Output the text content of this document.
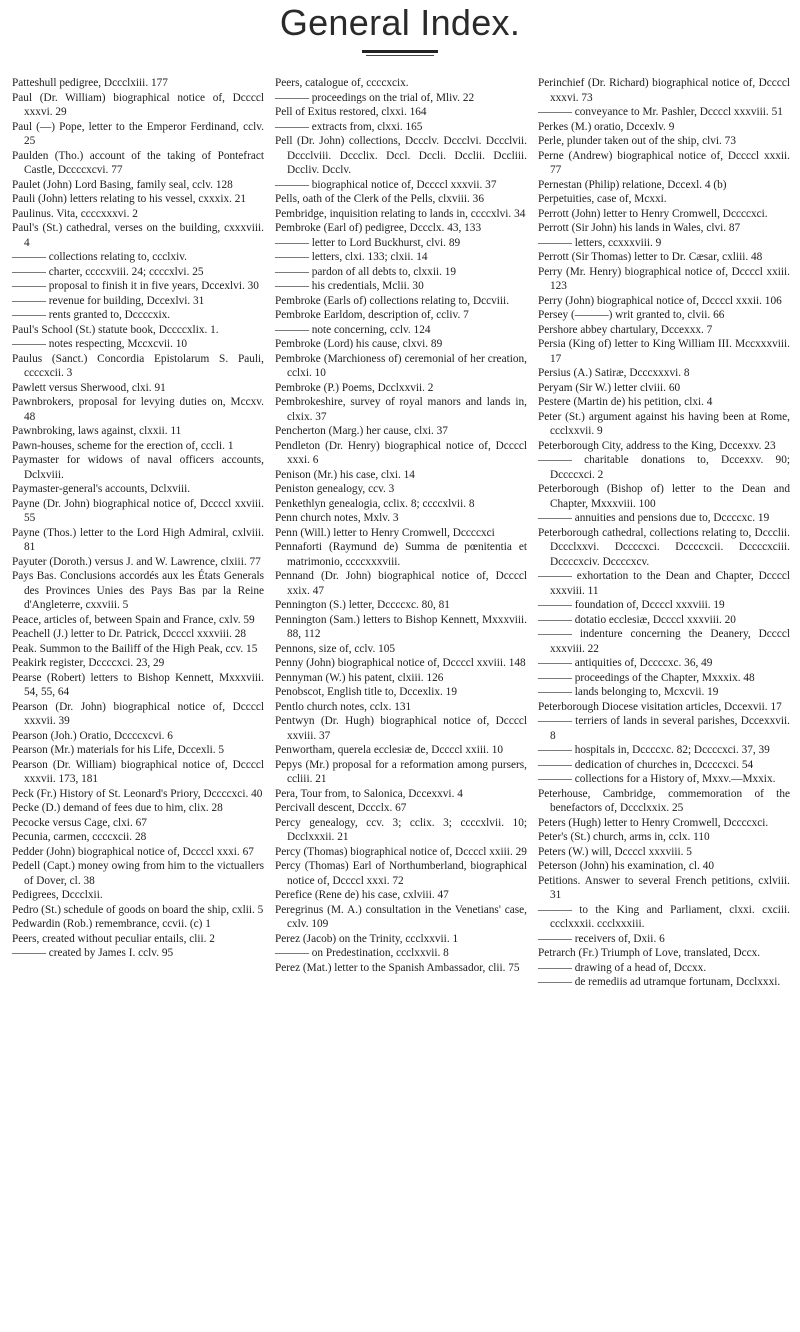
General Index.
Patteshull pedigree, Dccclxiii. 177
Paul (Dr. William) biographical notice of, Dccccl xxxvi. 29
Paul (—) Pope, letter to the Emperor Ferdinand, cclv. 25
Paulden (Tho.) account of the taking of Pontefract Castle, Dccccxcvi. 77
Paulet (John) Lord Basing, family seal, cclv. 128
Pauli (John) letters relating to his vessel, cxxxix. 21
Paulinus. Vita, ccccxxxvi. 2
Paul's (St.) cathedral, verses on the building, cxxxviii. 4
——— collections relating to, ccclxiv.
——— charter, ccccxviii. 24; ccccxlvi. 25
——— proposal to finish it in five years, Dccexlvi. 30
——— revenue for building, Dccexlvi. 31
——— rents granted to, Dccccxix.
Paul's School (St.) statute book, Dccccxlix. 1.
——— notes respecting, Mccxcvii. 10
Paulus (Sanct.) Concordia Epistolarum S. Pauli, ccccxcii. 3
Pawlett versus Sherwood, clxi. 91
Pawnbrokers, proposal for levying duties on, Mccxv. 48
Pawnbroking, laws against, clxxii. 11
Pawn-houses, scheme for the erection of, cccli. 1
Paymaster for widows of naval officers accounts, Dclxviii.
Paymaster-general's accounts, Dclxviii.
Payne (Dr. John) biographical notice of, Dccccl xxviii. 55
Payne (Thos.) letter to the Lord High Admiral, cxlviii. 81
Payuter (Doroth.) versus J. and W. Lawrence, clxiii. 77
Pays Bas. Conclusions accordés aux les États Generals des Provinces Unies des Pays Bas par la Reine d'Angleterre, cxxviii. 5
Peace, articles of, between Spain and France, cxlv. 59
Peachell (J.) letter to Dr. Patrick, Dccccl xxxviii. 28
Peak. Summon to the Bailiff of the High Peak, ccv. 15
Peakirk register, Dccccxci. 23, 29
Pearse (Robert) letters to Bishop Kennett, Mxxxviii. 54, 55, 64
Pearson (Dr. John) biographical notice of, Dccccl xxxvii. 39
Pearson (Joh.) Oratio, Dccccxcvi. 6
Pearson (Mr.) materials for his Life, Dccexli. 5
Pearson (Dr. William) biographical notice of, Dccccl xxxvii. 173, 181
Peck (Fr.) History of St. Leonard's Priory, Dccccxci. 40
Pecke (D.) demand of fees due to him, clix. 28
Pecocke versus Cage, clxi. 67
Pecunia, carmen, ccccxcii. 28
Pedder (John) biographical notice of, Dccccl xxxi. 67
Pedell (Capt.) money owing from him to the victuallers of Dover, cl. 38
Pedigrees, Dccclxii.
Pedro (St.) schedule of goods on board the ship, cxlii. 5
Pedwardin (Rob.) remembrance, ccvii. (c) 1
Peers, created without peculiar entails, clii. 2
——— created by James I. cclv. 95
Peers, catalogue of, ccccxcix.
——— proceedings on the trial of, Mliv. 22
Pell of Exitus restored, clxxi. 164
——— extracts from, clxxi. 165
Pell (Dr. John) collections, Dccclv. Dccclvi. Dccclvii. Dccclviii. Dccclix. Dccl. Dccli. Dcclii. Dccliii. Dccliv. Dcclv.
——— biographical notice of, Dccccl xxxvii. 37
Pells, oath of the Clerk of the Pells, clxviii. 36
Pembridge, inquisition relating to lands in, ccccxlvi. 34
Pembroke (Earl of) pedigree, Dccclx. 43, 133
——— letter to Lord Buckhurst, clvi. 89
——— letters, clxi. 133; clxii. 14
——— pardon of all debts to, clxxii. 19
——— his credentials, Mclii. 30
Pembroke (Earls of) collections relating to, Dccviii.
Pembroke Earldom, description of, ccliv. 7
——— note concerning, cclv. 124
Pembroke (Lord) his cause, clxvi. 89
Pembroke (Marchioness of) ceremonial of her creation, cclxi. 10
Pembroke (P.) Poems, Dcclxxvii. 2
Pembrokeshire, survey of royal manors and lands in, clxix. 37
Pencherton (Marg.) her cause, clxi. 37
Pendleton (Dr. Henry) biographical notice of, Dccccl xxxi. 6
Penison (Mr.) his case, clxi. 14
Peniston genealogy, ccv. 3
Penkethlyn genealogia, cclix. 8; ccccxlvii. 8
Penn church notes, Mxlv. 3
Penn (Will.) letter to Henry Cromwell, Dccccxci
Pennaforti (Raymund de) Summa de pœnitentia et matrimonio, ccccxxxviii.
Pennand (Dr. John) biographical notice of, Dccccl xxix. 47
Pennington (S.) letter, Dccccxc. 80, 81
Pennington (Sam.) letters to Bishop Kennett, Mxxxviii. 88, 112
Pennons, size of, cclv. 105
Penny (John) biographical notice of, Dccccl xxviii. 148
Pennyman (W.) his patent, clxiii. 126
Penobscot, English title to, Dccexlix. 19
Pentlo church notes, cclx. 131
Pentwyn (Dr. Hugh) biographical notice of, Dccccl xxviii. 37
Penwortham, querela ecclesiæ de, Dccccl xxiii. 10
Pepys (Mr.) proposal for a reformation among pursers, ccliii. 21
Pera, Tour from, to Salonica, Dccexxvi. 4
Percivall descent, Dccclx. 67
Percy genealogy, ccv. 3; cclix. 3; ccccxlvii. 10; Dcclxxxii. 21
Percy (Thomas) biographical notice of, Dccccl xxiii. 29
Percy (Thomas) Earl of Northumberland, biographical notice of, Dccccl xxxi. 72
Perefice (Rene de) his case, cxlviii. 47
Peregrinus (M. A.) consultation in the Venetians' case, cxlv. 109
Perez (Jacob) on the Trinity, ccclxxvii. 1
——— on Predestination, ccclxxvii. 8
Perez (Mat.) letter to the Spanish Ambassador, clii. 75
Perinchief (Dr. Richard) biographical notice of, Dccccl xxxvi. 73
——— conveyance to Mr. Pashler, Dccccl xxxviii. 51
Perkes (M.) oratio, Dccexlv. 9
Perle, plunder taken out of the ship, clvi. 73
Perne (Andrew) biographical notice of, Dccccl xxxii. 77
Pernestan (Philip) relatione, Dccexl. 4 (b)
Perpetuities, case of, Mcxxi.
Perrott (John) letter to Henry Cromwell, Dccccxci.
Perrott (Sir John) his lands in Wales, clvi. 87
——— letters, ccxxxviii. 9
Perrott (Sir Thomas) letter to Dr. Cæsar, cxliii. 48
Perry (Mr. Henry) biographical notice of, Dccccl xxiii. 123
Perry (John) biographical notice of, Dccccl xxxii. 106
Persey (———) writ granted to, clvii. 66
Pershore abbey chartulary, Dccexxx. 7
Persia (King of) letter to King William III. Mccxxxviii. 17
Persius (A.) Satiræ, Dcccxxxvi. 8
Peryam (Sir W.) letter clviii. 60
Pestere (Martin de) his petition, clxi. 4
Peter (St.) argument against his having been at Rome, ccclxxvii. 9
Peterborough City, address to the King, Dccexxv. 23
——— charitable donations to, Dccexxv. 90; Dccccxci. 2
Peterborough (Bishop of) letter to the Dean and Chapter, Mxxxviii. 100
——— annuities and pensions due to, Dccccxc. 19
Peterborough cathedral, collections relating to, Dccclii. Dccclxxvi. Dccccxci. Dccccxcii. Dccccxciii. Dccccxciv. Dccccxcv.
——— exhortation to the Dean and Chapter, Dccccl xxxviii. 11
——— foundation of, Dccccl xxxviii. 19
——— dotatio ecclesiæ, Dccccl xxxviii. 20
——— indenture concerning the Deanery, Dccccl xxxviii. 22
——— antiquities of, Dccccxc. 36, 49
——— proceedings of the Chapter, Mxxxix. 48
——— lands belonging to, Mcxcvii. 19
Peterborough Diocese visitation articles, Dccexvii. 17
——— terriers of lands in several parishes, Dccexxvii. 8
——— hospitals in, Dccccxc. 82; Dccccxci. 37, 39
——— dedication of churches in, Dccccxci. 54
——— collections for a History of, Mxxv.—Mxxix.
Peterhouse, Cambridge, commemoration of the benefactors of, Dccclxxix. 25
Peters (Hugh) letter to Henry Cromwell, Dccccxci.
Peter's (St.) church, arms in, cclx. 110
Peters (W.) will, Dccccl xxxviii. 5
Peterson (John) his examination, cl. 40
Petitions. Answer to several French petitions, cxlviii. 31
——— to the King and Parliament, clxxi. cxciii. ccclxxxii. ccclxxxiii.
——— receivers of, Dxii. 6
Petrarch (Fr.) Triumph of Love, translated, Dccx.
——— drawing of a head of, Dccxx.
——— de remediis ad utramque fortunam, Dcclxxxi.
